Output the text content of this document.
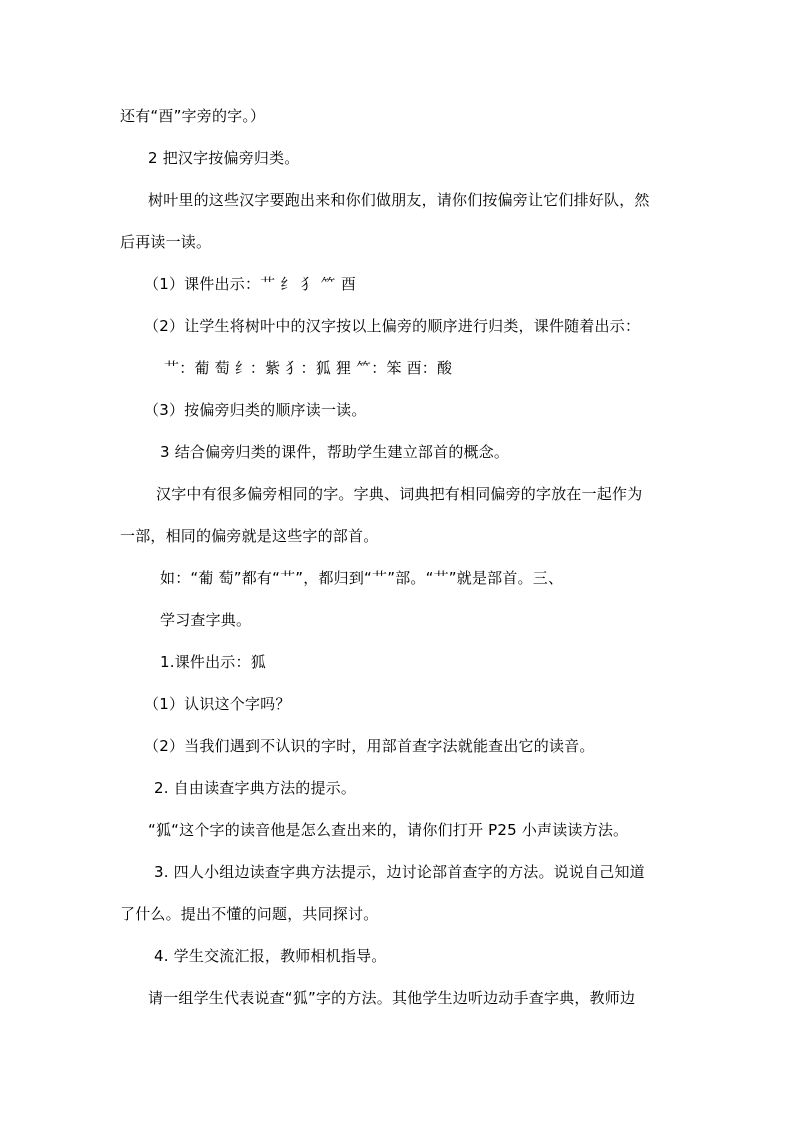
还有“酉”字旁的字。）
2 把汉字按偏旁归类。
树叶里的这些汉字要跑出来和你们做朋友，请你们按偏旁让它们排好队，然
后再读一读。
（1）课件出示：艹 纟 犭 ⺮ 酉
（2）让学生将树叶中的汉字按以上偏旁的顺序进行归类，课件随着出示：
艹：葡 萄 纟：紫 犭：狐 狸 ⺮：笨 酉：酸
（3）按偏旁归类的顺序读一读。
3 结合偏旁归类的课件，帮助学生建立部首的概念。
汉字中有很多偏旁相同的字。字典、词典把有相同偏旁的字放在一起作为
一部，相同的偏旁就是这些字的部首。
如：“葡 萄”都有“艹”，都归到“艹”部。“艹”就是部首。三、
学习查字典。
1.课件出示：狐
（1）认识这个字吗？
（2）当我们遇到不认识的字时，用部首查字法就能查出它的读音。
2. 自由读查字典方法的提示。
“狐“这个字的读音他是怎么查出来的，请你们打开 P25 小声读读方法。
3. 四人小组边读查字典方法提示，边讨论部首查字的方法。说说自己知道
了什么。提出不懂的问题，共同探讨。
4. 学生交流汇报，教师相机指导。
请一组学生代表说查“狐”字的方法。其他学生边听边动手查字典，教师边
